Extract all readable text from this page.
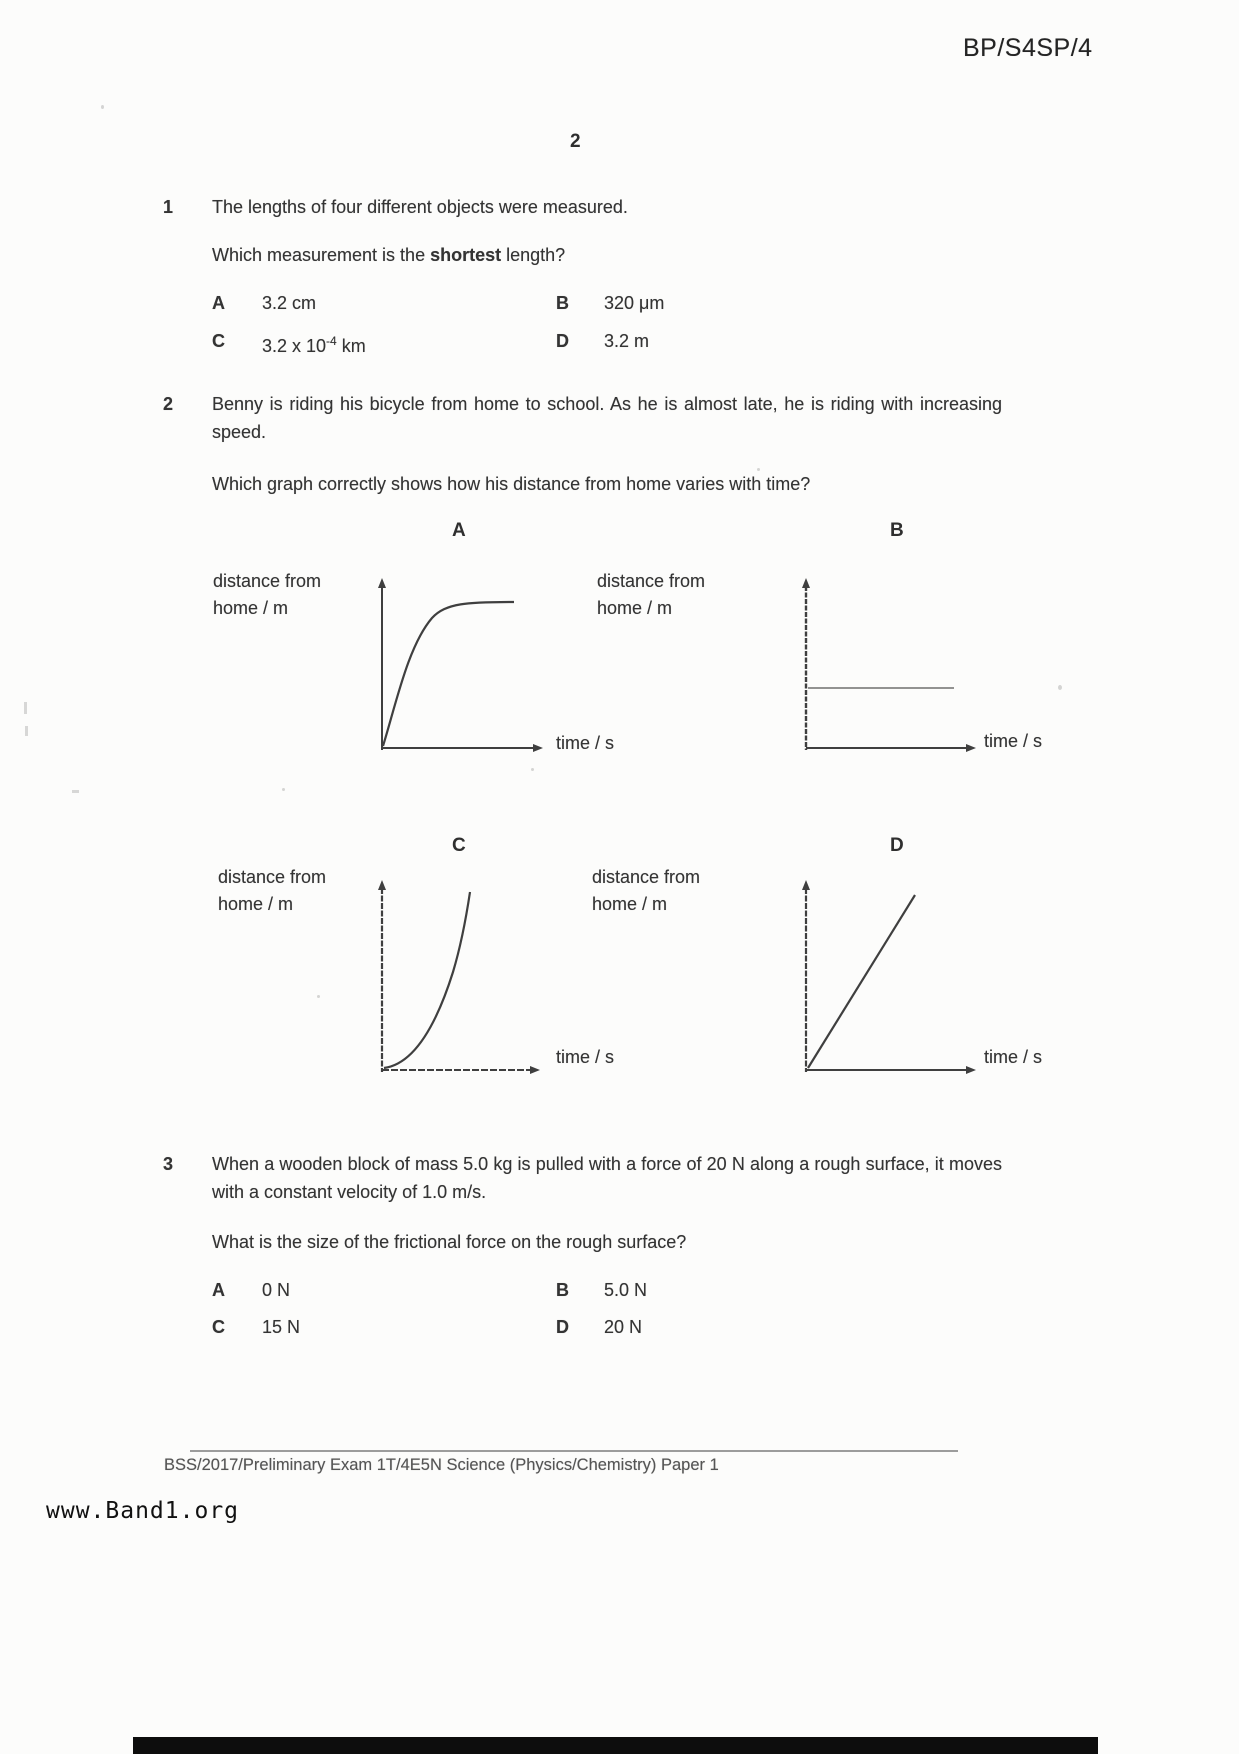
BP/S4SP/4
2
1 The lengths of four different objects were measured.
Which measurement is the shortest length?
A 3.2 cm	B 320 μm
C 3.2 x $10^{-4}$ km	D 3.2 m
2 Benny is riding his bicycle from home to school. As he is almost late, he is riding with increasing speed.
Which graph correctly shows how his distance from home varies with time?
A
distance from
home / m
time / s
B
distance from
home / m
time / s
C
distance from
home / m
time / s
D
distance from
home / m
time / s
3 When a wooden block of mass 5.0 kg is pulled with a force of 20 N along a rough surface, it moves with a constant velocity of 1.0 m/s.
What is the size of the frictional force on the rough surface?
A 0 N	B 5.0 N
C 15 N	D 20 N
BSS/2017/Preliminary Exam 1T/4E5N Science (Physics/Chemistry) Paper 1
www.Band1.org
